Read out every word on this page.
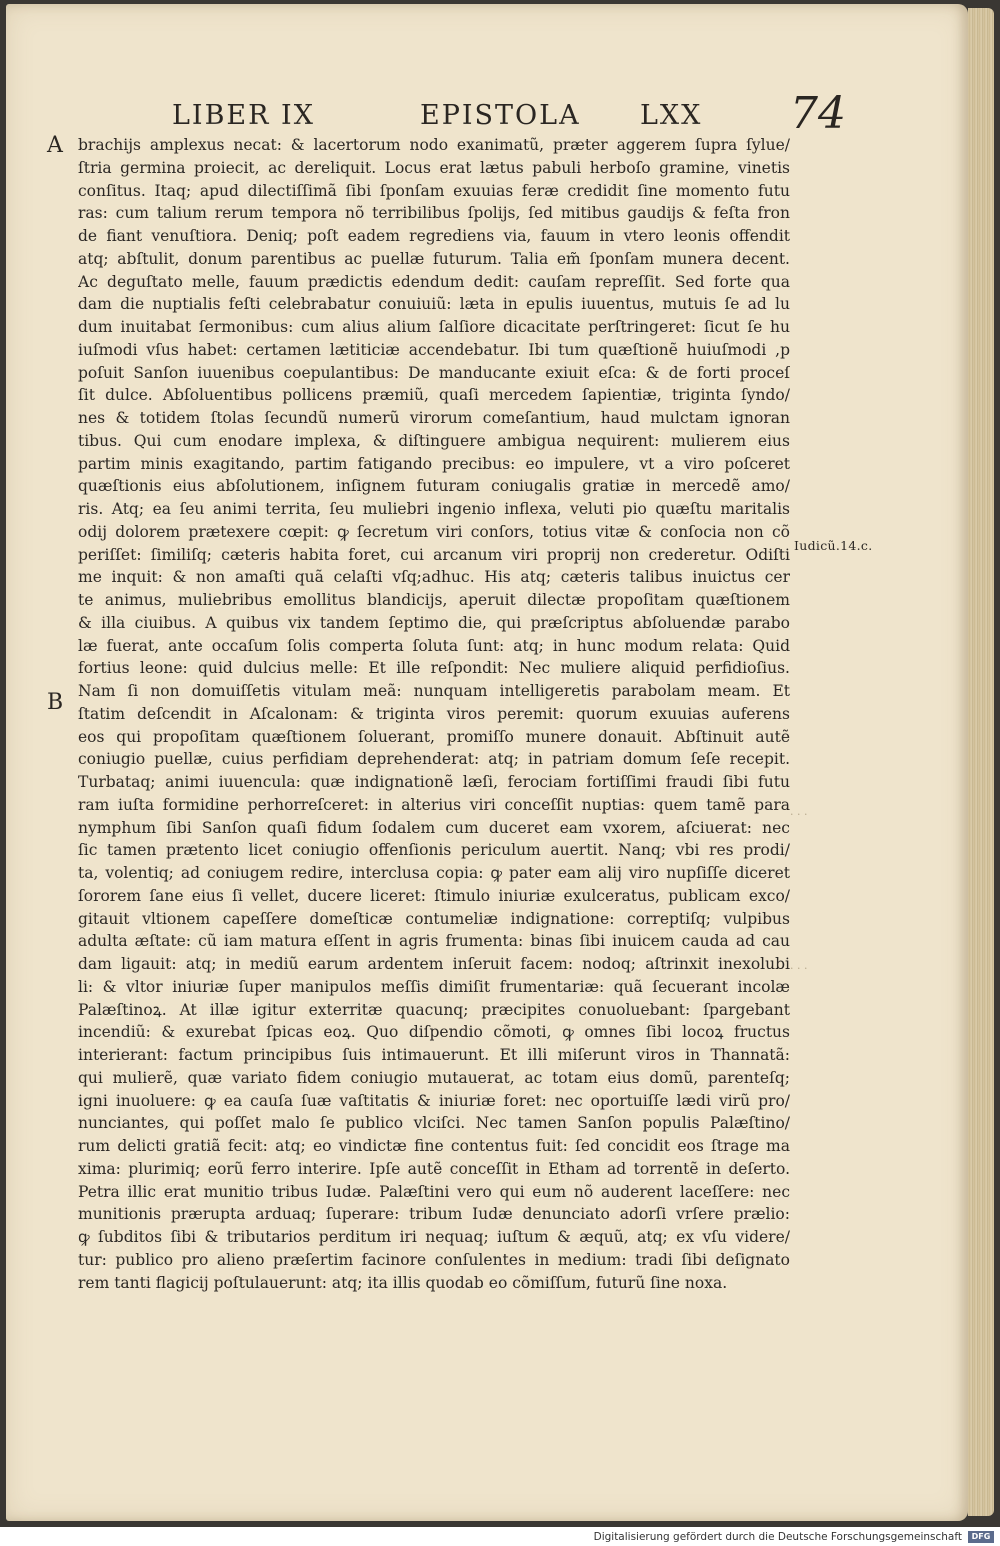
LIBER IX	EPISTOLA LXX 74
A
B
brachijs amplexus necat: & lacertorum nodo exanimatũ, præter aggerem ſupra ſylue/
ſtria germina proiecit, ac dereliquit. Locus erat lætus pabuli herboſo gramine, vinetis
conſitus. Itaq; apud dilectiſſimã ſibi ſponſam exuuias feræ credidit ſine momento futu
ras: cum talium rerum tempora nõ terribilibus ſpolijs, ſed mitibus gaudijs & feſta fron
de fiant venuſtiora. Deniq; poſt eadem regrediens via, fauum in vtero leonis offendit
atq; abſtulit, donum parentibus ac puellæ futurum. Talia em̃ ſponſam munera decent.
Ac deguſtato melle, fauum prædictis edendum dedit: cauſam repreſſit. Sed forte qua
dam die nuptialis feſti celebrabatur conuiuiũ: læta in epulis iuuentus, mutuis ſe ad lu
dum inuitabat ſermonibus: cum alius alium ſalſiore dicacitate perſtringeret: ſicut ſe hu
iuſmodi vſus habet: certamen lætiticiæ accendebatur. Ibi tum quæſtionẽ huiuſmodi ,p
poſuit Sanſon iuuenibus coepulantibus: De manducante exiuit eſca: & de forti proceſ
ſit dulce. Abſoluentibus pollicens præmiũ, quaſi mercedem ſapientiæ, triginta ſyndo/
nes & totidem ſtolas ſecundũ numerũ virorum comeſantium, haud mulctam ignoran
tibus. Qui cum enodare implexa, & diſtinguere ambigua nequirent: mulierem eius
partim minis exagitando, partim fatigando precibus: eo impulere, vt a viro poſceret
quæſtionis eius abſolutionem, inſignem futuram coniugalis gratiæ in mercedẽ amo/
ris. Atq; ea ſeu animi territa, ſeu muliebri ingenio inflexa, veluti pio quæſtu maritalis
odij dolorem prætexere cœpit: ꝙ ſecretum viri conſors, totius vitæ & conſocia non cõ
periſſet: ſimiliſq; cæteris habita foret, cui arcanum viri proprij non crederetur. Odiſti
me inquit: & non amaſti quã celaſti vſq;adhuc. His atq; cæteris talibus inuictus cer
te animus, muliebribus emollitus blandicijs, aperuit dilectæ propoſitam quæſtionem
& illa ciuibus. A quibus vix tandem ſeptimo die, qui præſcriptus abſoluendæ parabo
læ fuerat, ante occaſum ſolis comperta ſoluta ſunt: atq; in hunc modum relata: Quid
fortius leone: quid dulcius melle: Et ille reſpondit: Nec muliere aliquid perfidioſius.
Nam ſi non domuiſſetis vitulam meã: nunquam intelligeretis parabolam meam. Et
ſtatim deſcendit in Aſcalonam: & triginta viros peremit: quorum exuuias auferens
eos qui propoſitam quæſtionem ſoluerant, promiſſo munere donauit. Abſtinuit autẽ
coniugio puellæ, cuius perfidiam deprehenderat: atq; in patriam domum ſeſe recepit.
Turbataq; animi iuuencula: quæ indignationẽ læſi, ferociam fortiſſimi fraudi ſibi futu
ram iuſta formidine perhorreſceret: in alterius viri conceſſit nuptias: quem tamẽ para
nymphum ſibi Sanſon quaſi fidum ſodalem cum duceret eam vxorem, aſciuerat: nec
ſic tamen prætento licet coniugio offenſionis periculum auertit. Nanq; vbi res prodi/
ta, volentiq; ad coniugem redire, interclusa copia: ꝙ pater eam alij viro nupſiſſe diceret
ſororem ſane eius ſi vellet, ducere liceret: ſtimulo iniuriæ exulceratus, publicam exco/
gitauit vltionem capeſſere domeſticæ contumeliæ indignatione: correptiſq; vulpibus
adulta æſtate: cũ iam matura eſſent in agris frumenta: binas ſibi inuicem cauda ad cau
dam ligauit: atq; in mediũ earum ardentem inſeruit facem: nodoq; aſtrinxit inexolubi
li: & vltor iniuriæ ſuper manipulos meſſis dimiſit frumentariæ: quã ſecuerant incolæ
Palæſtinoꝝ. At illæ igitur exterritæ quacunq; præcipites conuoluebant: ſpargebant
incendiũ: & exurebat ſpicas eoꝝ. Quo diſpendio cõmoti, ꝙ omnes ſibi locoꝝ fructus
interierant: factum principibus ſuis intimauerunt. Et illi miſerunt viros in Thannatã:
qui mulierẽ, quæ variato fidem coniugio mutauerat, ac totam eius domũ, parenteſq;
igni inuoluere: ꝙ ea cauſa ſuæ vaſtitatis & iniuriæ foret: nec oportuiſſe lædi virũ pro/
nunciantes, qui poſſet malo ſe publico vlciſci. Nec tamen Sanſon populis Palæſtino/
rum delicti gratiã fecit: atq; eo vindictæ fine contentus fuit: ſed concidit eos ſtrage ma
xima: plurimiq; eorũ ferro interire. Ipſe autẽ conceſſit in Etham ad torrentẽ in deſerto.
Petra illic erat munitio tribus Iudæ. Palæſtini vero qui eum nõ auderent laceſſere: nec
munitionis prærupta arduaq; ſuperare: tribum Iudæ denunciato adorſi vrſere prælio:
ꝙ ſubditos ſibi & tributarios perditum iri nequaq; iuſtum & æquũ, atq; ex vſu videre/
tur: publico pro alieno præſertim facinore conſulentes in medium: tradi ſibi deſignato
rem tanti flagicij poſtulauerunt: atq; ita illis quodab eo cõmiſſum, futurũ ſine noxa.
Iudicũ.14.c.
· · ·
· · ·
Digitalisierung gefördert durch die Deutsche Forschungsgemeinschaft	DFG
